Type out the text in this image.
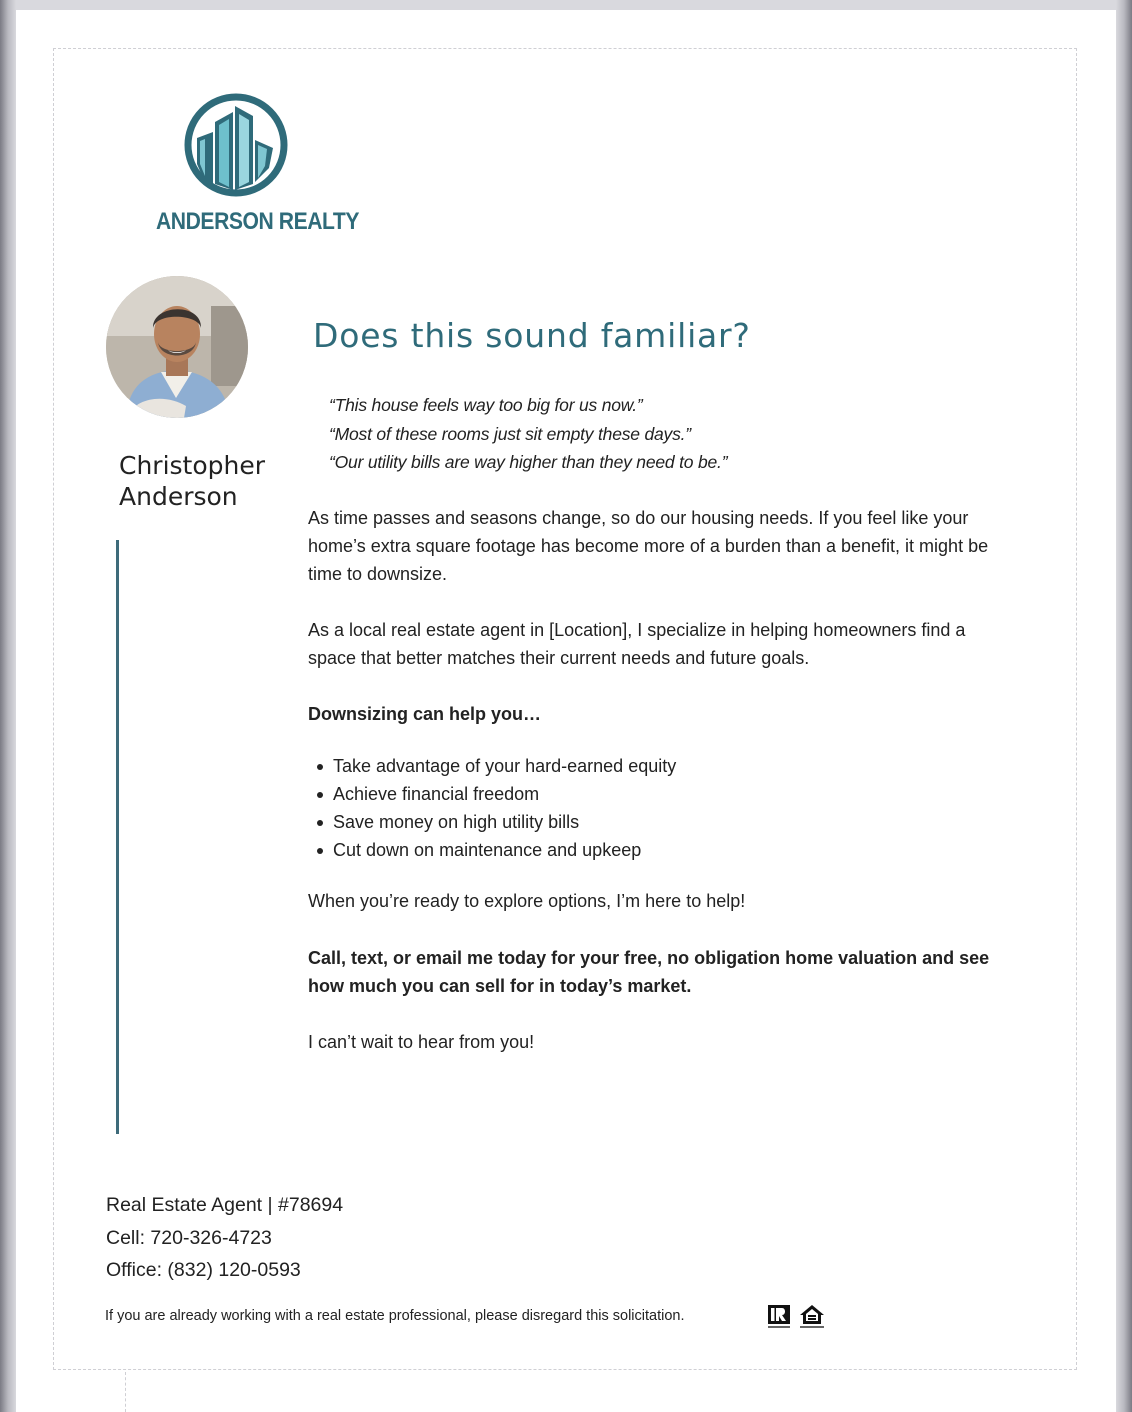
ANDERSON REALTY
Christopher
Anderson
Does this sound familiar?
“This house feels way too big for us now.”
“Most of these rooms just sit empty these days.”
“Our utility bills are way higher than they need to be.”
As time passes and seasons change, so do our housing needs. If you feel like your home’s extra square footage has become more of a burden than a benefit, it might be time to downsize.
As a local real estate agent in [Location], I specialize in helping homeowners find a space that better matches their current needs and future goals.
Downsizing can help you…
Take advantage of your hard-earned equity
Achieve financial freedom
Save money on high utility bills
Cut down on maintenance and upkeep
When you’re ready to explore options, I’m here to help!
Call, text, or email me today for your free, no obligation home valuation and see how much you can sell for in today’s market.
I can’t wait to hear from you!
Real Estate Agent | #78694
Cell: 720-326-4723
Office: (832) 120-0593
If you are already working with a real estate professional, please disregard this solicitation.
